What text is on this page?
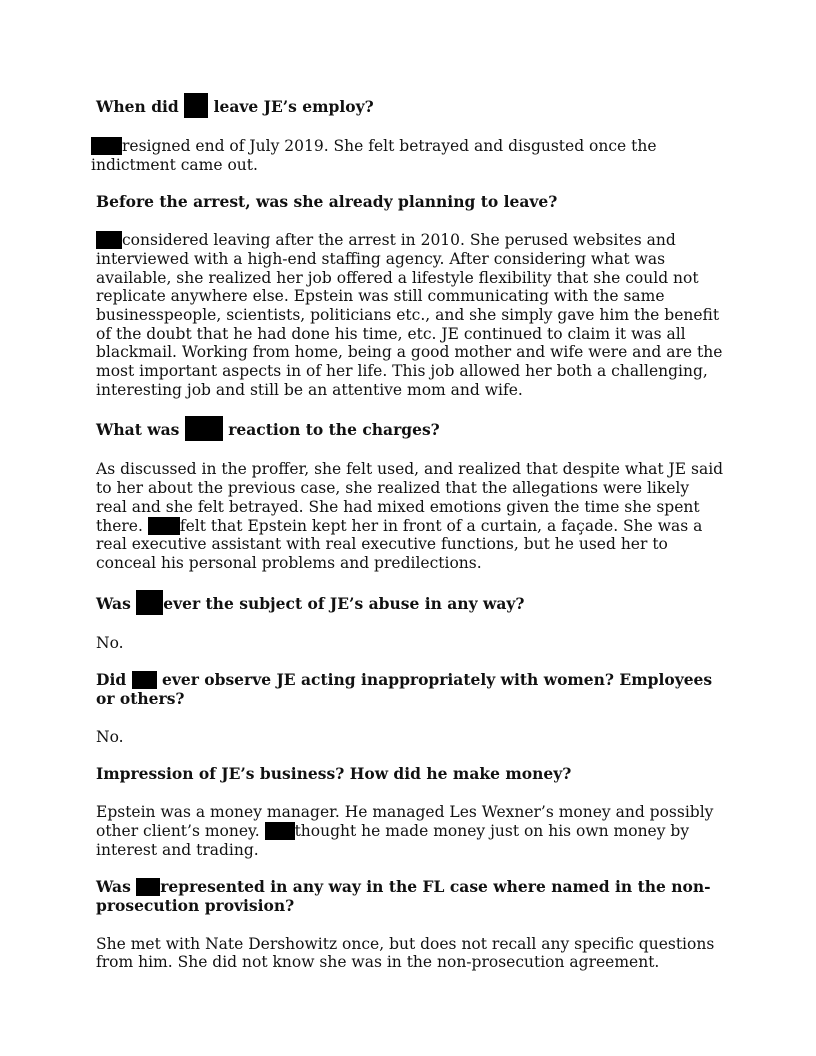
When did  leave JE’s employ?

resigned end of July 2019. She felt betrayed and disgusted once the indictment came out.

Before the arrest, was she already planning to leave?

considered leaving after the arrest in 2010. She perused websites and interviewed with a high-end staffing agency. After considering what was available, she realized her job offered a lifestyle flexibility that she could not replicate anywhere else. Epstein was still communicating with the same businesspeople, scientists, politicians etc., and she simply gave him the benefit of the doubt that he had done his time, etc. JE continued to claim it was all blackmail. Working from home, being a good mother and wife were and are the most important aspects in of her life. This job allowed her both a challenging, interesting job and still be an attentive mom and wife.

What was  reaction to the charges?

As discussed in the proffer, she felt used, and realized that despite what JE said to her about the previous case, she realized that the allegations were likely real and she felt betrayed. She had mixed emotions given the time she spent there. felt that Epstein kept her in front of a curtain, a façade. She was a real executive assistant with real executive functions, but he used her to conceal his personal problems and predilections.

Was ever the subject of JE’s abuse in any way?

No.

Did  ever observe JE acting inappropriately with women? Employees or others?

No.

Impression of JE’s business? How did he make money?

Epstein was a money manager. He managed Les Wexner’s money and possibly other client’s money. thought he made money just on his own money by interest and trading.

Was represented in any way in the FL case where named in the non-prosecution provision?

She met with Nate Dershowitz once, but does not recall any specific questions from him. She did not know she was in the non-prosecution agreement.
